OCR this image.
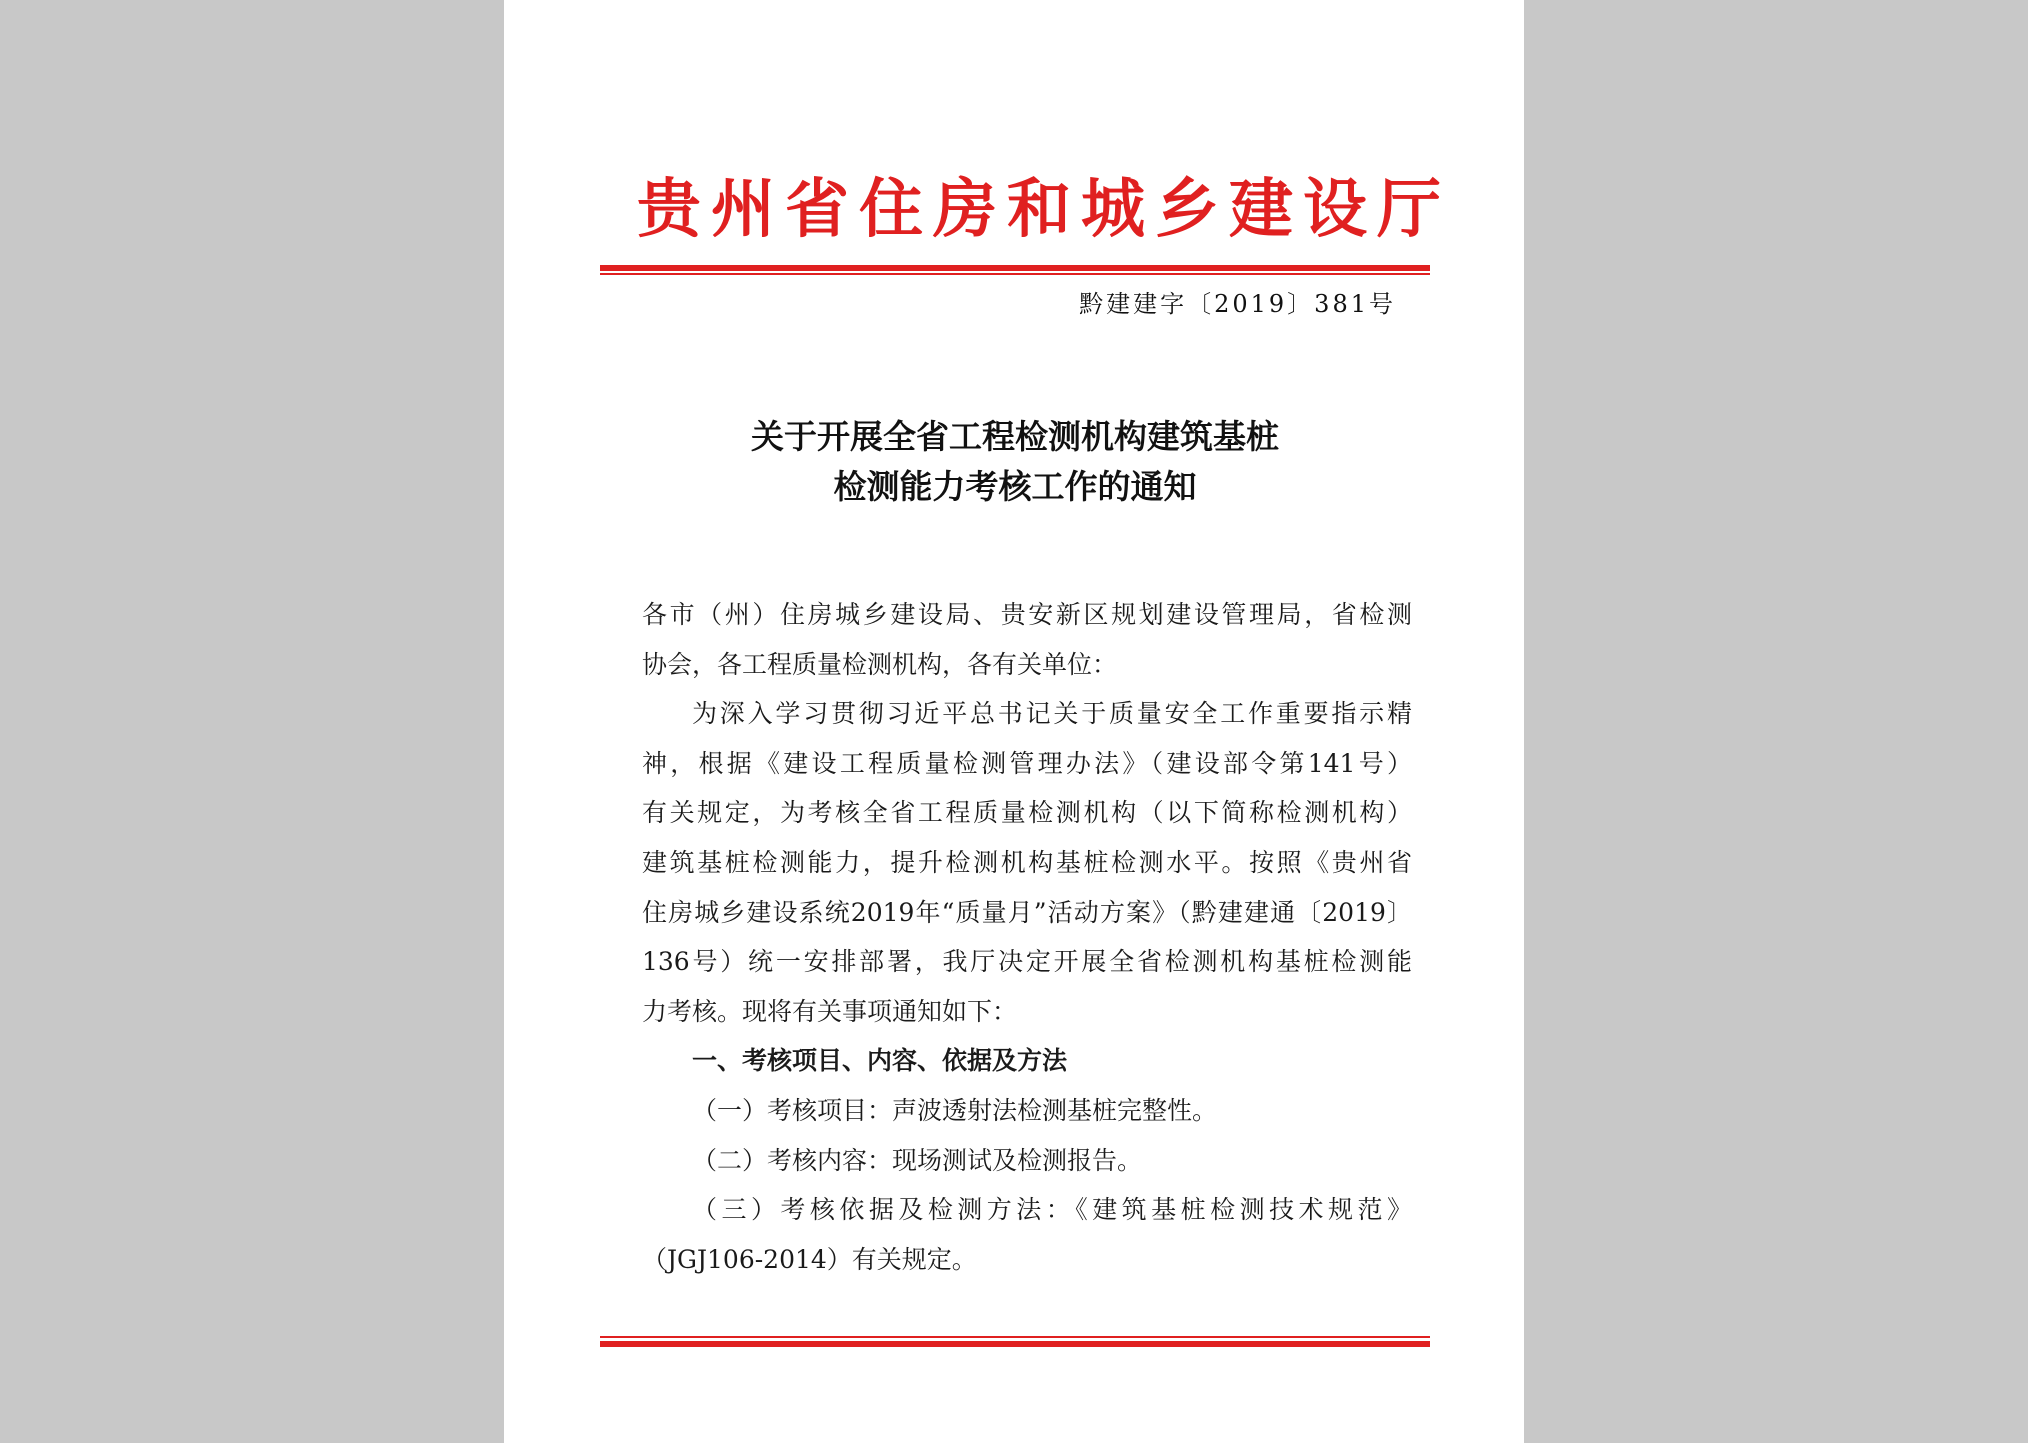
贵州省住房和城乡建设厅
黔建建字〔2019〕381号
关于开展全省工程检测机构建筑基桩
检测能力考核工作的通知
各市（州）住房城乡建设局、贵安新区规划建设管理局，省检测
协会，各工程质量检测机构，各有关单位：
为深入学习贯彻习近平总书记关于质量安全工作重要指示精
神，根据《建设工程质量检测管理办法》（建设部令第141号）
有关规定，为考核全省工程质量检测机构（以下简称检测机构）
建筑基桩检测能力，提升检测机构基桩检测水平。按照《贵州省
住房城乡建设系统2019年“质量月”活动方案》（黔建建通〔2019〕
136号）统一安排部署，我厅决定开展全省检测机构基桩检测能
力考核。现将有关事项通知如下：
一、考核项目、内容、依据及方法
（一）考核项目：声波透射法检测基桩完整性。
（二）考核内容：现场测试及检测报告。
（三）考核依据及检测方法：《建筑基桩检测技术规范》
（JGJ106-2014）有关规定。
